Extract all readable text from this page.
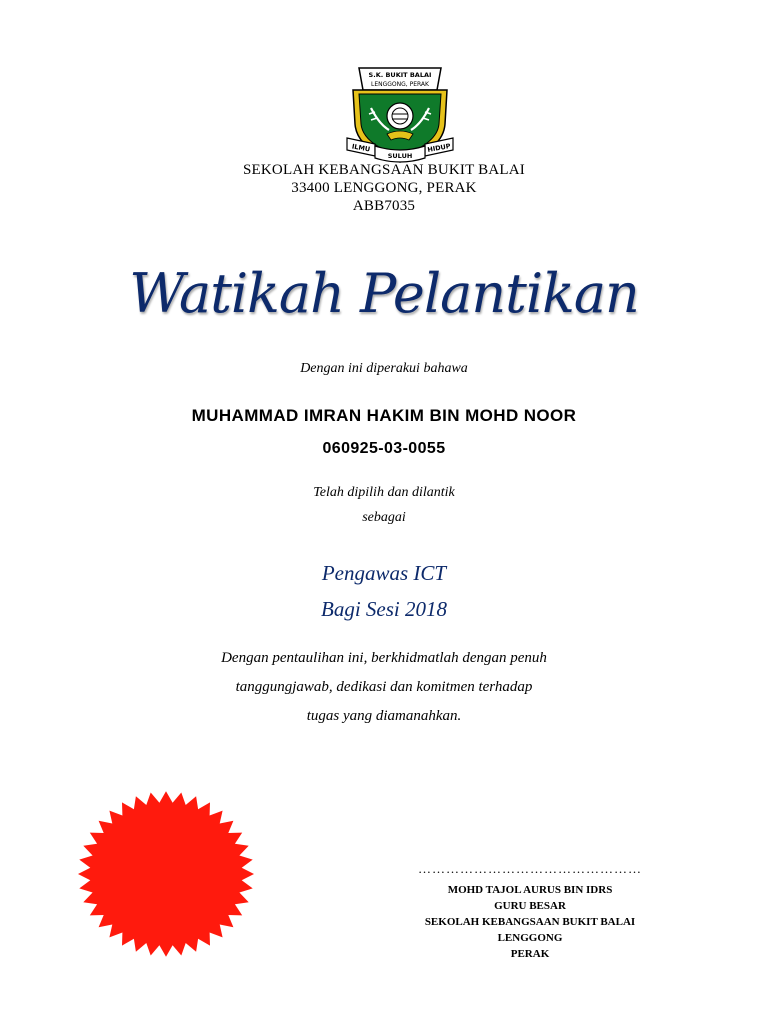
S.K. BUKIT BALAI
LENGGONG, PERAK
ILMU
SULUH
HIDUP
SEKOLAH KEBANGSAAN BUKIT BALAI
33400 LENGGONG, PERAK
ABB7035
Watikah Pelantikan
Dengan ini diperakui bahawa
MUHAMMAD IMRAN HAKIM BIN MOHD NOOR
060925-03-0055
Telah dipilih dan dilantik
sebagai
Pengawas ICT
Bagi Sesi 2018
Dengan pentaulihan ini, berkhidmatlah dengan penuh
tanggungjawab, dedikasi dan komitmen terhadap
tugas yang diamanahkan.
…………………………………………
MOHD TAJOL AURUS BIN IDRS
GURU BESAR
SEKOLAH KEBANGSAAN BUKIT BALAI
LENGGONG
PERAK
